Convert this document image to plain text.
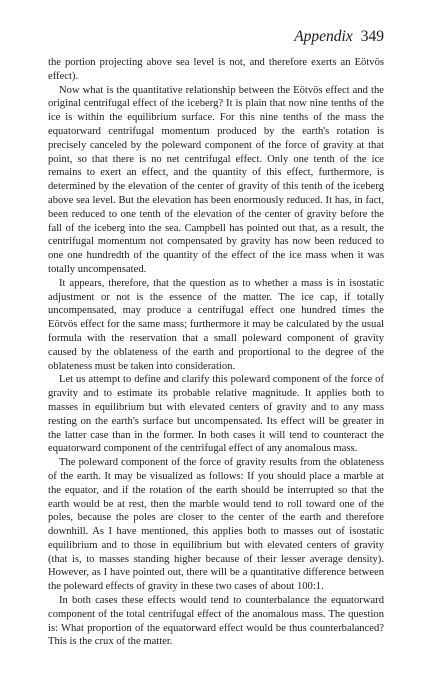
Appendix 349

the portion projecting above sea level is not, and therefore exerts an Eötvös effect).

Now what is the quantitative relationship between the Eötvös effect and the original centrifugal effect of the iceberg? It is plain that now nine tenths of the ice is within the equilibrium surface. For this nine tenths of the mass the equatorward centrifugal momentum produced by the earth's rotation is precisely canceled by the poleward component of the force of gravity at that point, so that there is no net centrifugal effect. Only one tenth of the ice remains to exert an effect, and the quantity of this effect, furthermore, is determined by the elevation of the center of gravity of this tenth of the iceberg above sea level. But the elevation has been enormously reduced. It has, in fact, been reduced to one tenth of the elevation of the center of gravity before the fall of the iceberg into the sea. Campbell has pointed out that, as a result, the centrifugal momentum not compensated by gravity has now been reduced to one one hundredth of the quantity of the effect of the ice mass when it was totally uncompensated.

It appears, therefore, that the question as to whether a mass is in isostatic adjustment or not is the essence of the matter. The ice cap, if totally uncompensated, may produce a centrifugal effect one hundred times the Eötvös effect for the same mass; furthermore it may be calculated by the usual formula with the reservation that a small poleward component of gravity caused by the oblateness of the earth and proportional to the degree of the oblateness must be taken into consideration.

Let us attempt to define and clarify this poleward component of the force of gravity and to estimate its probable relative magnitude. It applies both to masses in equilibrium but with elevated centers of gravity and to any mass resting on the earth's surface but uncompensated. Its effect will be greater in the latter case than in the former. In both cases it will tend to counteract the equatorward component of the centrifugal effect of any anomalous mass.

The poleward component of the force of gravity results from the oblateness of the earth. It may be visualized as follows: If you should place a marble at the equator, and if the rotation of the earth should be interrupted so that the earth would be at rest, then the marble would tend to roll toward one of the poles, because the poles are closer to the center of the earth and therefore downhill. As I have mentioned, this applies both to masses out of isostatic equilibrium and to those in equilibrium but with elevated centers of gravity (that is, to masses standing higher because of their lesser average density). However, as I have pointed out, there will be a quantitative difference between the poleward effects of gravity in these two cases of about 100:1.

In both cases these effects would tend to counterbalance the equatorward component of the total centrifugal effect of the anomalous mass. The question is: What proportion of the equatorward effect would be thus counterbalanced? This is the crux of the matter.
